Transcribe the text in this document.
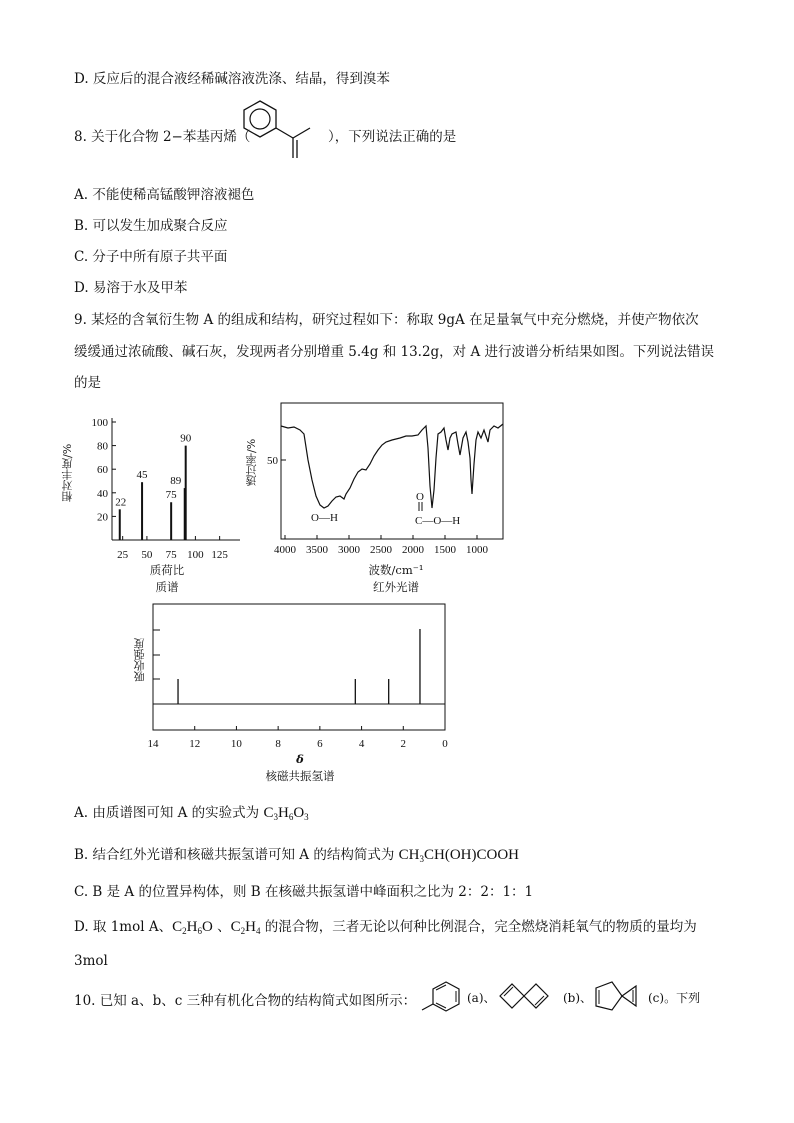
D. 反应后的混合液经稀碱溶液洗涤、结晶，得到溴苯
8. 关于化合物 2−苯基丙烯（	），下列说法正确的是
A. 不能使稀高锰酸钾溶液褪色
B. 可以发生加成聚合反应
C. 分子中所有原子共平面
D. 易溶于水及甲苯
9. 某烃的含氧衍生物 A 的组成和结构，研究过程如下：称取 9gA 在足量氧气中充分燃烧，并使产物依次
缓缓通过浓硫酸、碱石灰，发现两者分别增重 5.4g 和 13.2g，对 A 进行波谱分析结果如图。下列说法错误
的是
100
80
60
40
20
25 50 75 100 125
22
45
75
89
90
相对丰度/%
质荷比
质谱
50
4000 3500 3000 2500 2000 1500 1000
O—H
O
C—O—H
透过率/%
波数/cm⁻¹
红外光谱
14	12	10	8	6	4	2	0
吸收强度
δ
核磁共振氢谱
A. 由质谱图可知 A 的实验式为 $C_3H_6O_3$
B. 结合红外光谱和核磁共振氢谱可知 A 的结构简式为 $CH_3CH(OH)COOH$
C. B 是 A 的位置异构体，则 B 在核磁共振氢谱中峰面积之比为 2：2：1：1
D. 取 1mol A、$C_2H_6O$ 、$C_2H_4$ 的混合物，三者无论以何种比例混合，完全燃烧消耗氧气的物质的量均为
3mol
10. 已知 a、b、c 三种有机化合物的结构简式如图所示：	(a)、	(b)、	(c)。下列
